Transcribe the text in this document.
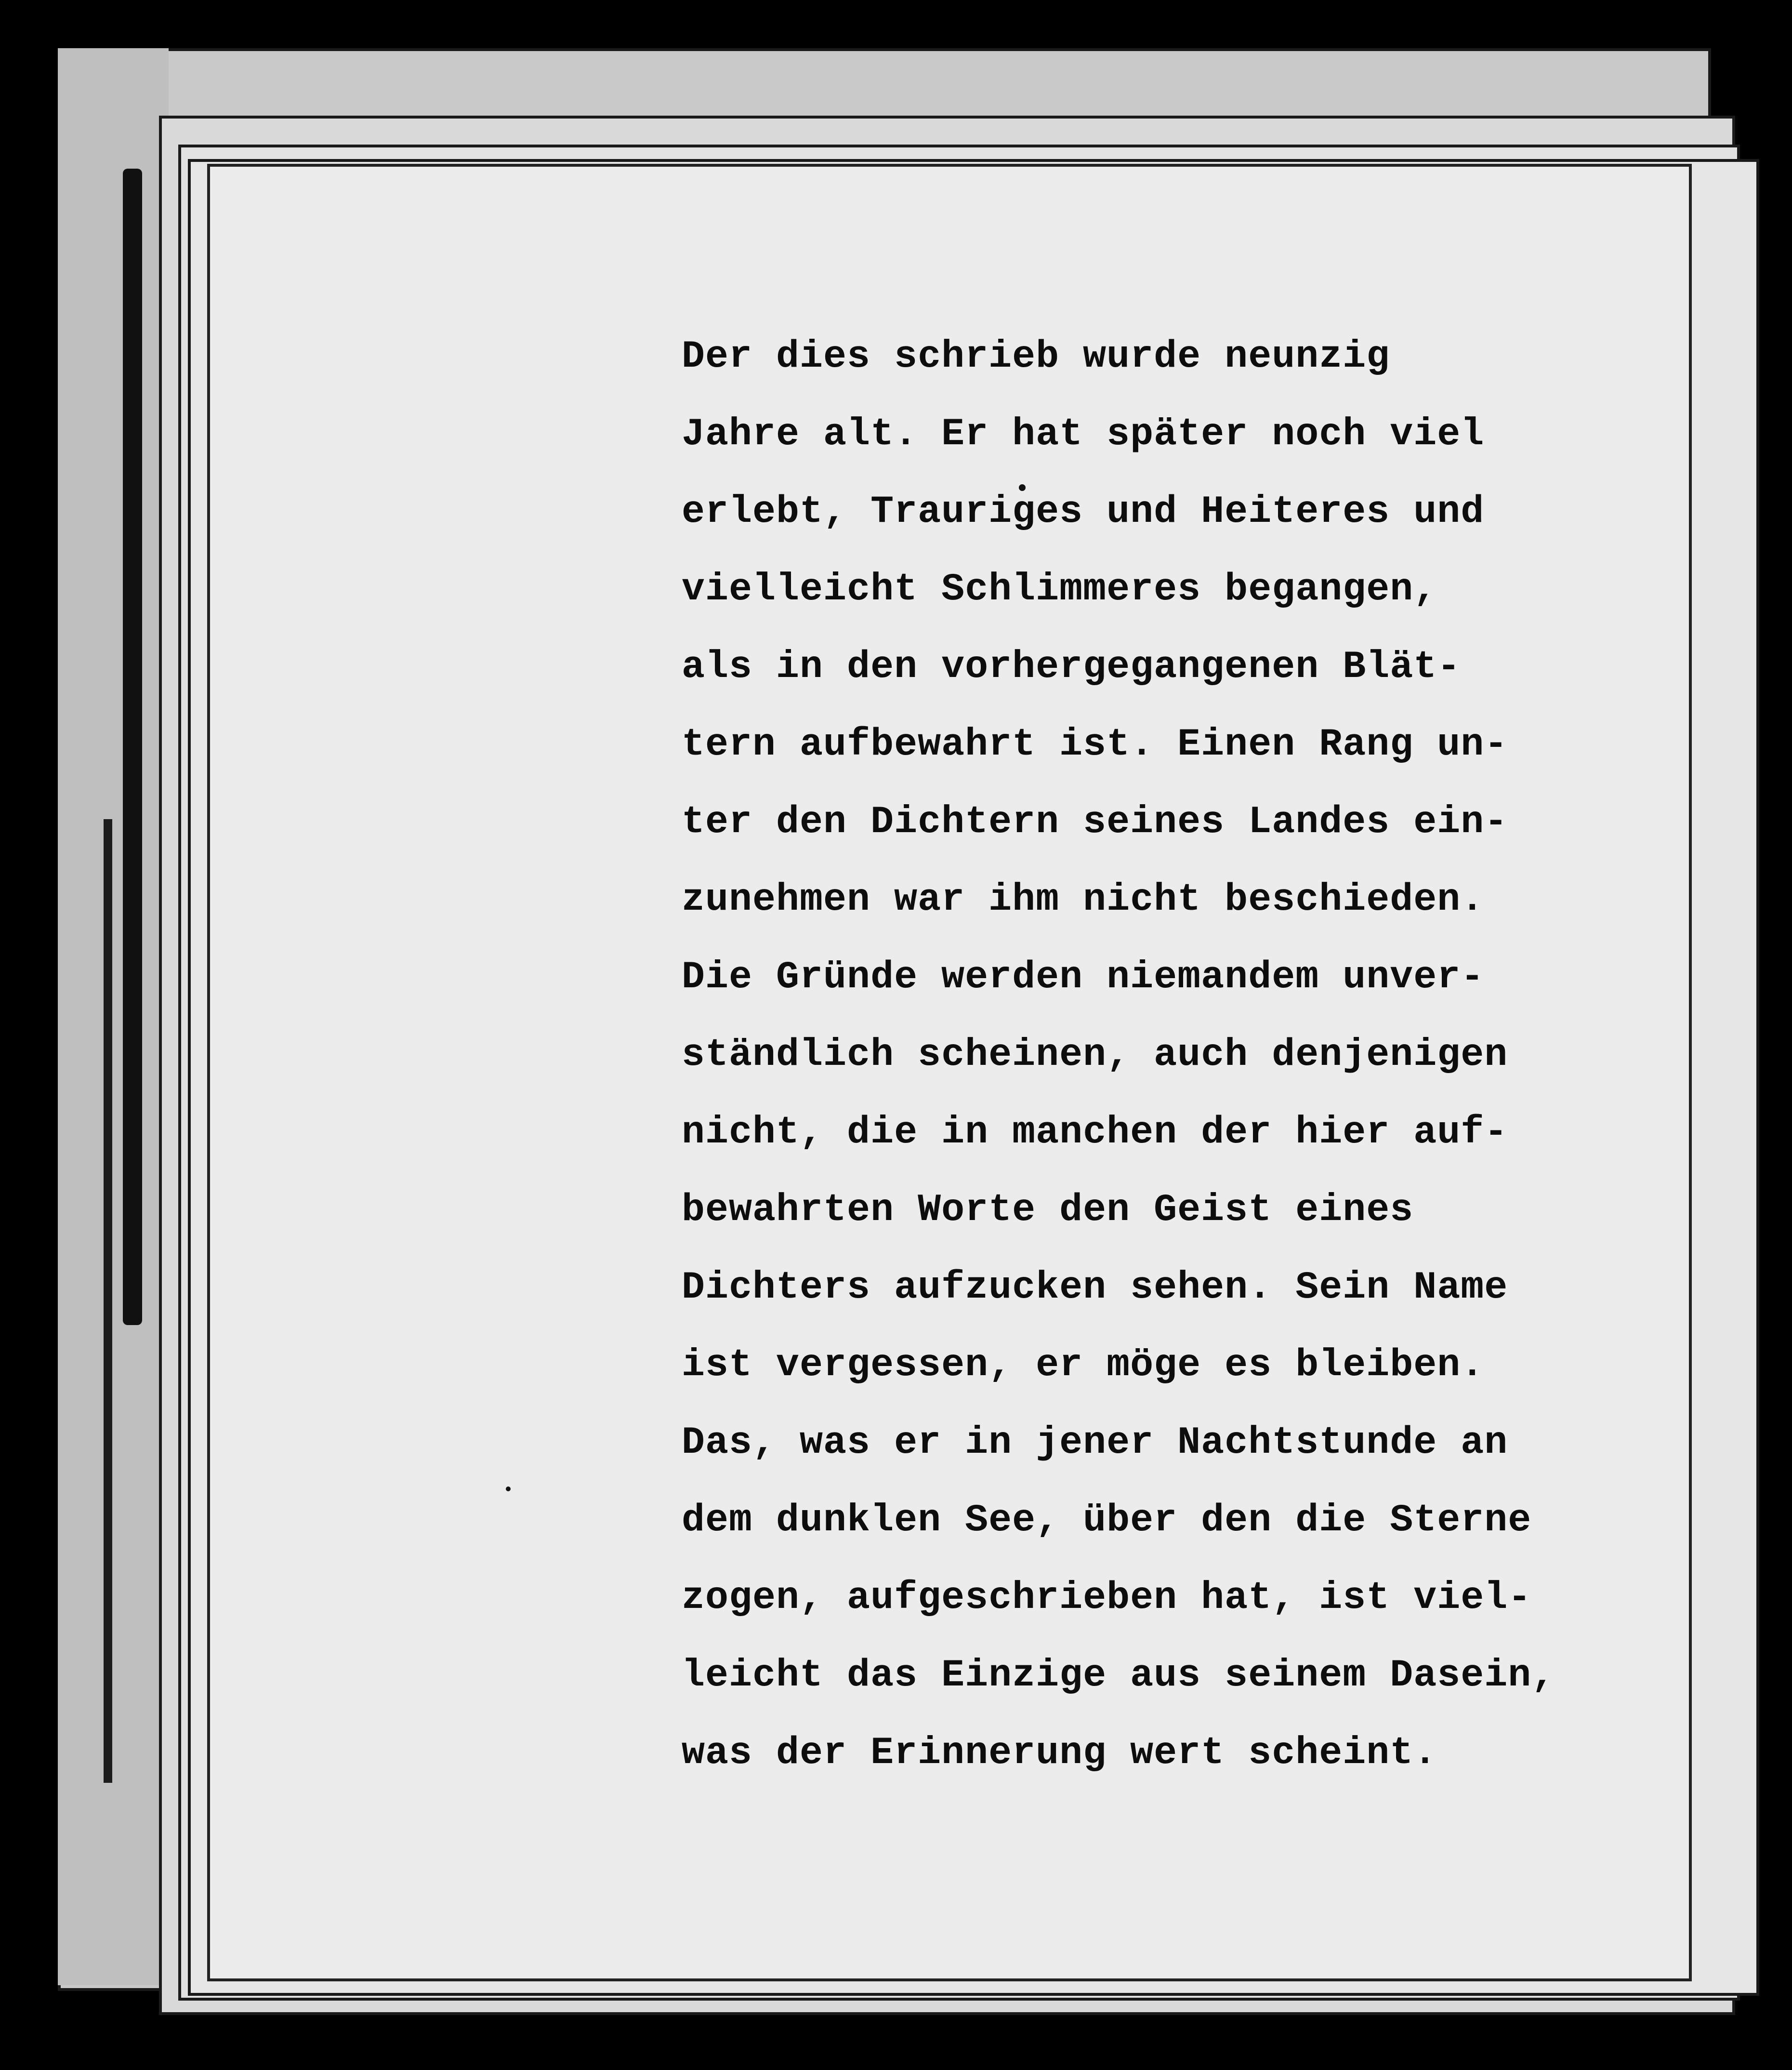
Der dies schrieb wurde neunzig
Jahre alt. Er hat später noch viel
erlebt, Trauriges und Heiteres und
vielleicht Schlimmeres begangen,
als in den vorhergegangenen Blät-
tern aufbewahrt ist. Einen Rang un-
ter den Dichtern seines Landes ein-
zunehmen war ihm nicht beschieden.
Die Gründe werden niemandem unver-
ständlich scheinen, auch denjenigen
nicht, die in manchen der hier auf-
bewahrten Worte den Geist eines
Dichters aufzucken sehen. Sein Name
ist vergessen, er möge es bleiben.
Das, was er in jener Nachtstunde an
dem dunklen See, über den die Sterne
zogen, aufgeschrieben hat, ist viel-
leicht das Einzige aus seinem Dasein,
was der Erinnerung wert scheint.
